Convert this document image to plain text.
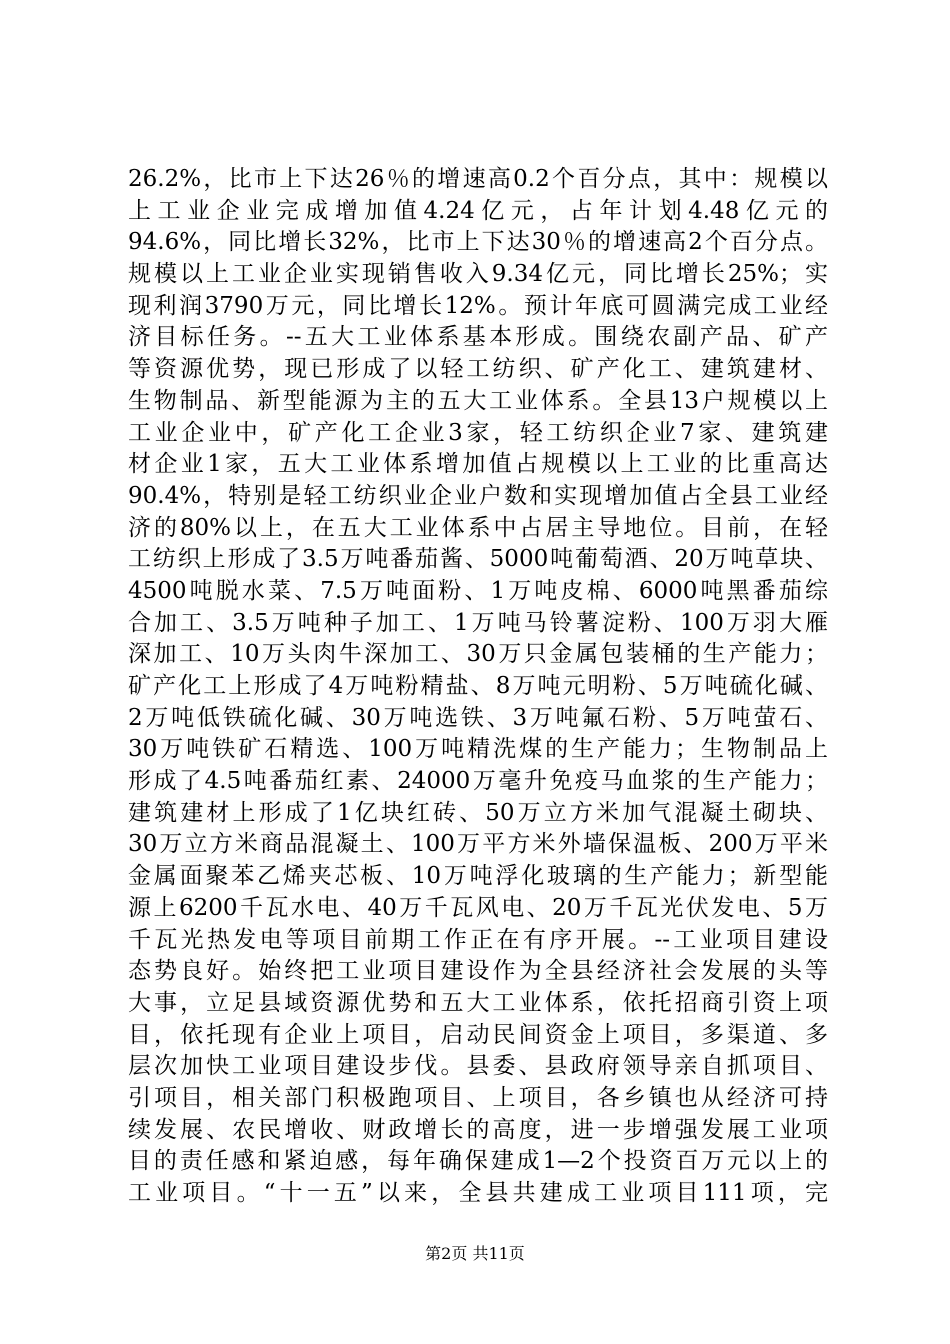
26.2%，比市上下达26％的增速高0.2个百分点，其中：规模以
上工业企业完成增加值4.24亿元，占年计划4.48亿元的
94.6%，同比增长32%，比市上下达30％的增速高2个百分点。
规模以上工业企业实现销售收入9.34亿元，同比增长25%；实
现利润3790万元，同比增长12%。预计年底可圆满完成工业经
济目标任务。--五大工业体系基本形成。围绕农副产品、矿产
等资源优势，现已形成了以轻工纺织、矿产化工、建筑建材、
生物制品、新型能源为主的五大工业体系。全县13户规模以上
工业企业中，矿产化工企业3家，轻工纺织企业7家、建筑建
材企业1家，五大工业体系增加值占规模以上工业的比重高达
90.4%，特别是轻工纺织业企业户数和实现增加值占全县工业经
济的80%以上，在五大工业体系中占居主导地位。目前，在轻
工纺织上形成了3.5万吨番茄酱、5000吨葡萄酒、20万吨草块、
4500吨脱水菜、7.5万吨面粉、1万吨皮棉、6000吨黑番茄综
合加工、3.5万吨种子加工、1万吨马铃薯淀粉、100万羽大雁
深加工、10万头肉牛深加工、30万只金属包装桶的生产能力；
矿产化工上形成了4万吨粉精盐、8万吨元明粉、5万吨硫化碱、
2万吨低铁硫化碱、30万吨选铁、3万吨氟石粉、5万吨萤石、
30万吨铁矿石精选、100万吨精洗煤的生产能力；生物制品上
形成了4.5吨番茄红素、24000万毫升免疫马血浆的生产能力；
建筑建材上形成了1亿块红砖、50万立方米加气混凝土砌块、
30万立方米商品混凝土、100万平方米外墙保温板、200万平米
金属面聚苯乙烯夹芯板、10万吨浮化玻璃的生产能力；新型能
源上6200千瓦水电、40万千瓦风电、20万千瓦光伏发电、5万
千瓦光热发电等项目前期工作正在有序开展。--工业项目建设
态势良好。始终把工业项目建设作为全县经济社会发展的头等
大事，立足县域资源优势和五大工业体系，依托招商引资上项
目，依托现有企业上项目，启动民间资金上项目，多渠道、多
层次加快工业项目建设步伐。县委、县政府领导亲自抓项目、
引项目，相关部门积极跑项目、上项目，各乡镇也从经济可持
续发展、农民增收、财政增长的高度，进一步增强发展工业项
目的责任感和紧迫感，每年确保建成1—2个投资百万元以上的
工业项目。“十一五”以来，全县共建成工业项目111项，完
第2页 共11页
